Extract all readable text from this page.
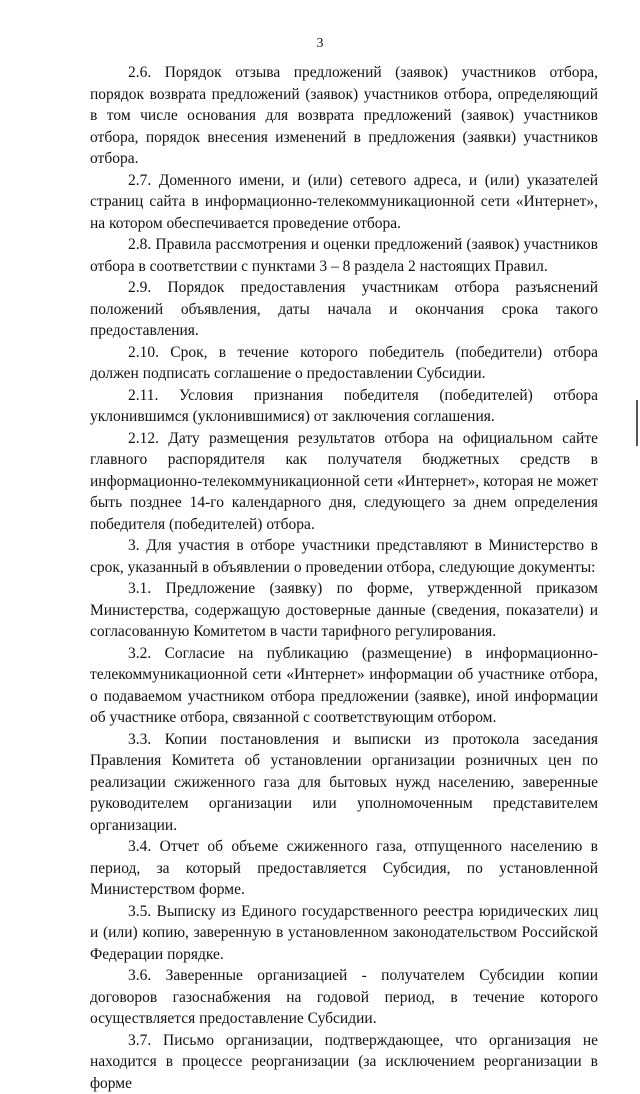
3

2.6. Порядок отзыва предложений (заявок) участников отбора, порядок возврата предложений (заявок) участников отбора, определяющий в том числе основания для возврата предложений (заявок) участников отбора, порядок внесения изменений в предложения (заявки) участников отбора.

2.7. Доменного имени, и (или) сетевого адреса, и (или) указателей страниц сайта в информационно-телекоммуникационной сети «Интернет», на котором обеспечивается проведение отбора.

2.8. Правила рассмотрения и оценки предложений (заявок) участников отбора в соответствии с пунктами 3 – 8 раздела 2 настоящих Правил.

2.9. Порядок предоставления участникам отбора разъяснений положений объявления, даты начала и окончания срока такого предоставления.

2.10. Срок, в течение которого победитель (победители) отбора должен подписать соглашение о предоставлении Субсидии.

2.11. Условия признания победителя (победителей) отбора уклонившимся (уклонившимися) от заключения соглашения.

2.12. Дату размещения результатов отбора на официальном сайте главного распорядителя как получателя бюджетных средств в информационно-телекоммуникационной сети «Интернет», которая не может быть позднее 14-го календарного дня, следующего за днем определения победителя (победителей) отбора.

3. Для участия в отборе участники представляют в Министерство в срок, указанный в объявлении о проведении отбора, следующие документы:

3.1. Предложение (заявку) по форме, утвержденной приказом Министерства, содержащую достоверные данные (сведения, показатели) и согласованную Комитетом в части тарифного регулирования.

3.2. Согласие на публикацию (размещение) в информационно-телекоммуникационной сети «Интернет» информации об участнике отбора, о подаваемом участником отбора предложении (заявке), иной информации об участнике отбора, связанной с соответствующим отбором.

3.3. Копии постановления и выписки из протокола заседания Правления Комитета об установлении организации розничных цен по реализации сжиженного газа для бытовых нужд населению, заверенные руководителем организации или уполномоченным представителем организации.

3.4. Отчет об объеме сжиженного газа, отпущенного населению в период, за который предоставляется Субсидия, по установленной Министерством форме.

3.5. Выписку из Единого государственного реестра юридических лиц и (или) копию, заверенную в установленном законодательством Российской Федерации порядке.

3.6. Заверенные организацией - получателем Субсидии копии договоров газоснабжения на годовой период, в течение которого осуществляется предоставление Субсидии.

3.7. Письмо организации, подтверждающее, что организация не находится в процессе реорганизации (за исключением реорганизации в форме
